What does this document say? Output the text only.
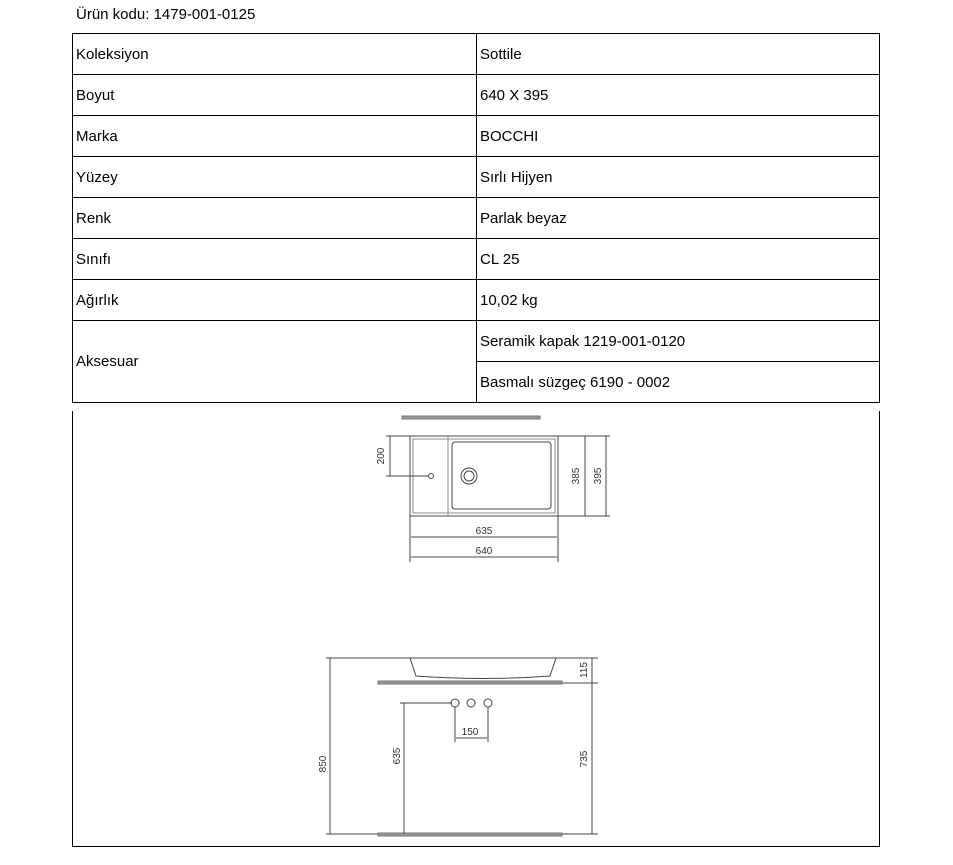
Ürün kodu: 1479-001-0125
Koleksiyon	Sottile
Boyut	640 X 395
Marka	BOCCHI
Yüzey	Sırlı Hijyen
Renk	Parlak beyaz
Sınıfı	CL 25
Ağırlık	10,02 kg
Aksesuar	Seramik kapak 1219-001-0120
	Basmalı süzgeç 6190 - 0002
200
385 395
635
640
850	635
150
115
735
